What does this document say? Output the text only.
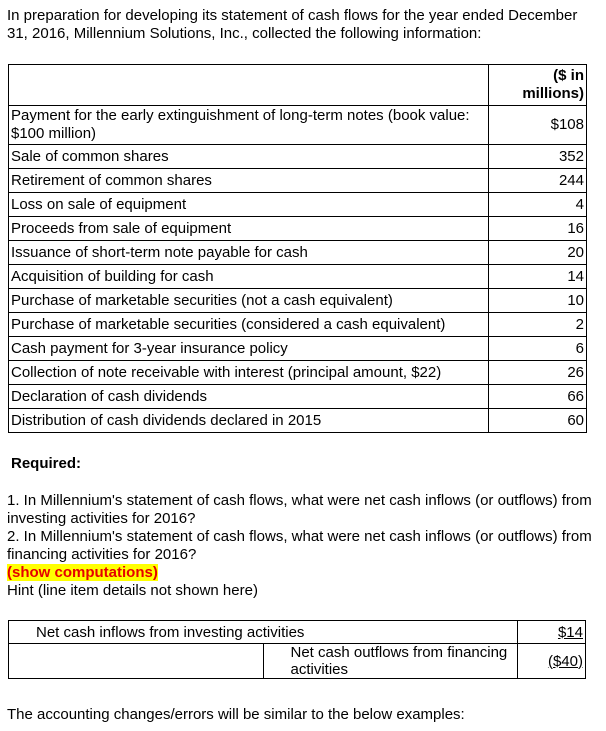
In preparation for developing its statement of cash flows for the year ended December 31, 2016, Millennium Solutions, Inc., collected the following information:
	($ in millions)
Payment for the early extinguishment of long-term notes (book value: $100 million)	$108
Sale of common shares	352
Retirement of common shares	244
Loss on sale of equipment	4
Proceeds from sale of equipment	16
Issuance of short-term note payable for cash	20
Acquisition of building for cash	14
Purchase of marketable securities (not a cash equivalent)	10
Purchase of marketable securities (considered a cash equivalent)	2
Cash payment for 3-year insurance policy	6
Collection of note receivable with interest (principal amount, $22)	26
Declaration of cash dividends	66
Distribution of cash dividends declared in 2015	60
Required:
1. In Millennium's statement of cash flows, what were net cash inflows (or outflows) from investing activities for 2016?
2. In Millennium's statement of cash flows, what were net cash inflows (or outflows) from financing activities for 2016?
(show computations)
Hint (line item details not shown here)
Net cash inflows from investing activities		$14
	Net cash outflows from financing activities	($40)
The accounting changes/errors will be similar to the below examples:
